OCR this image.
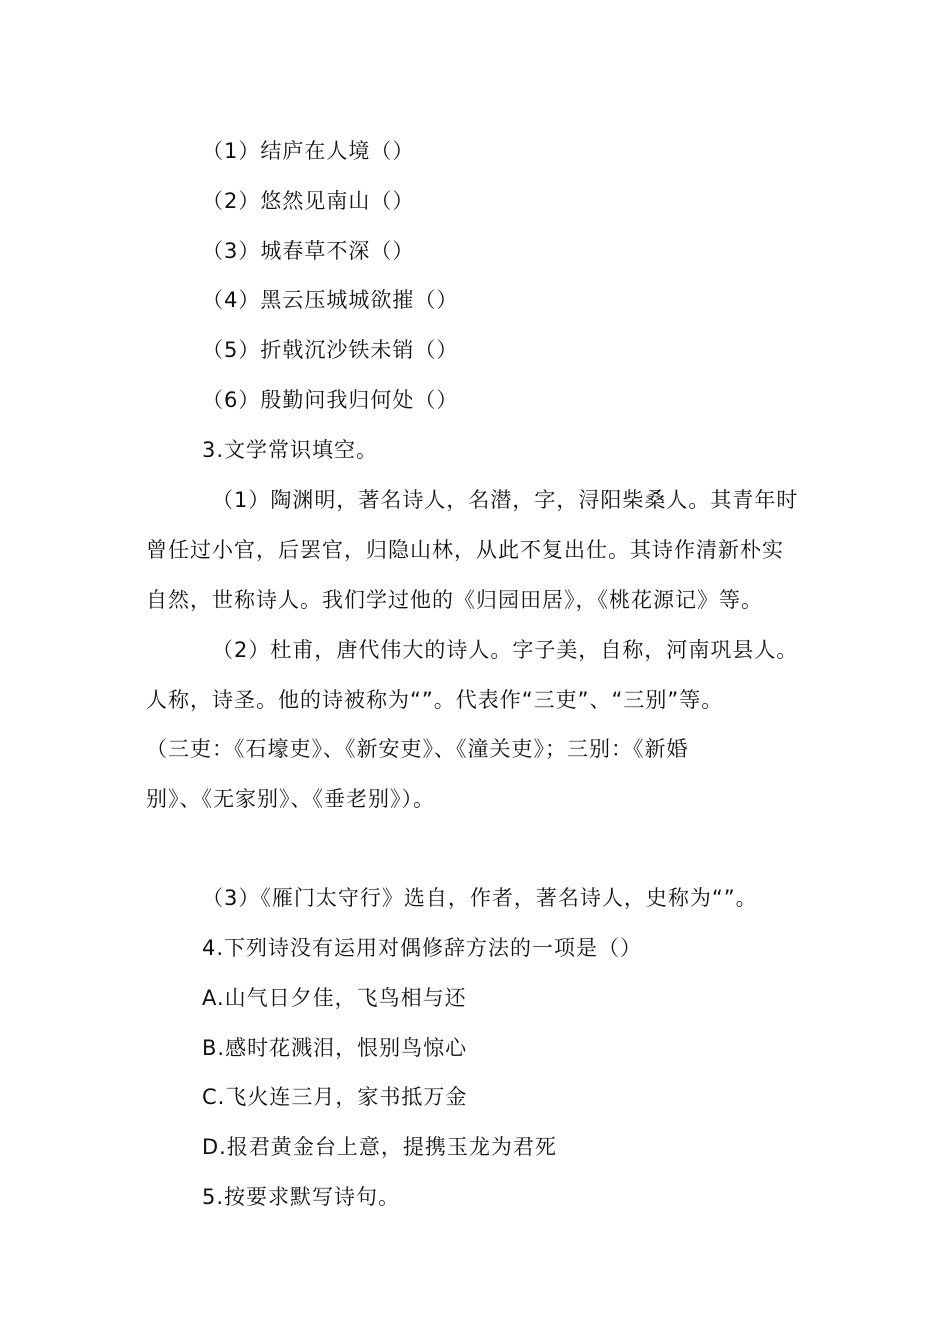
（1）结庐在人境（）
（2）悠然见南山（）
（3）城春草不深（）
（4）黑云压城城欲摧（）
（5）折戟沉沙铁未销（）
（6）殷勤问我归何处（）
3.文学常识填空。
（1）陶渊明，著名诗人，名潜，字，浔阳柴桑人。其青年时
曾任过小官，后罢官，归隐山林，从此不复出仕。其诗作清新朴实
自然，世称诗人。我们学过他的《归园田居》，《桃花源记》等。
（2）杜甫，唐代伟大的诗人。字子美，自称，河南巩县人。
人称，诗圣。他的诗被称为“”。代表作“三吏”、“三别”等。
（三吏：《石壕吏》、《新安吏》、《潼关吏》；三别：《新婚
别》、《无家别》、《垂老别》）。
（3）《雁门太守行》选自，作者，著名诗人，史称为“”。
4.下列诗没有运用对偶修辞方法的一项是（）
A.山气日夕佳，飞鸟相与还
B.感时花溅泪，恨别鸟惊心
C.飞火连三月，家书抵万金
D.报君黄金台上意，提携玉龙为君死
5.按要求默写诗句。
